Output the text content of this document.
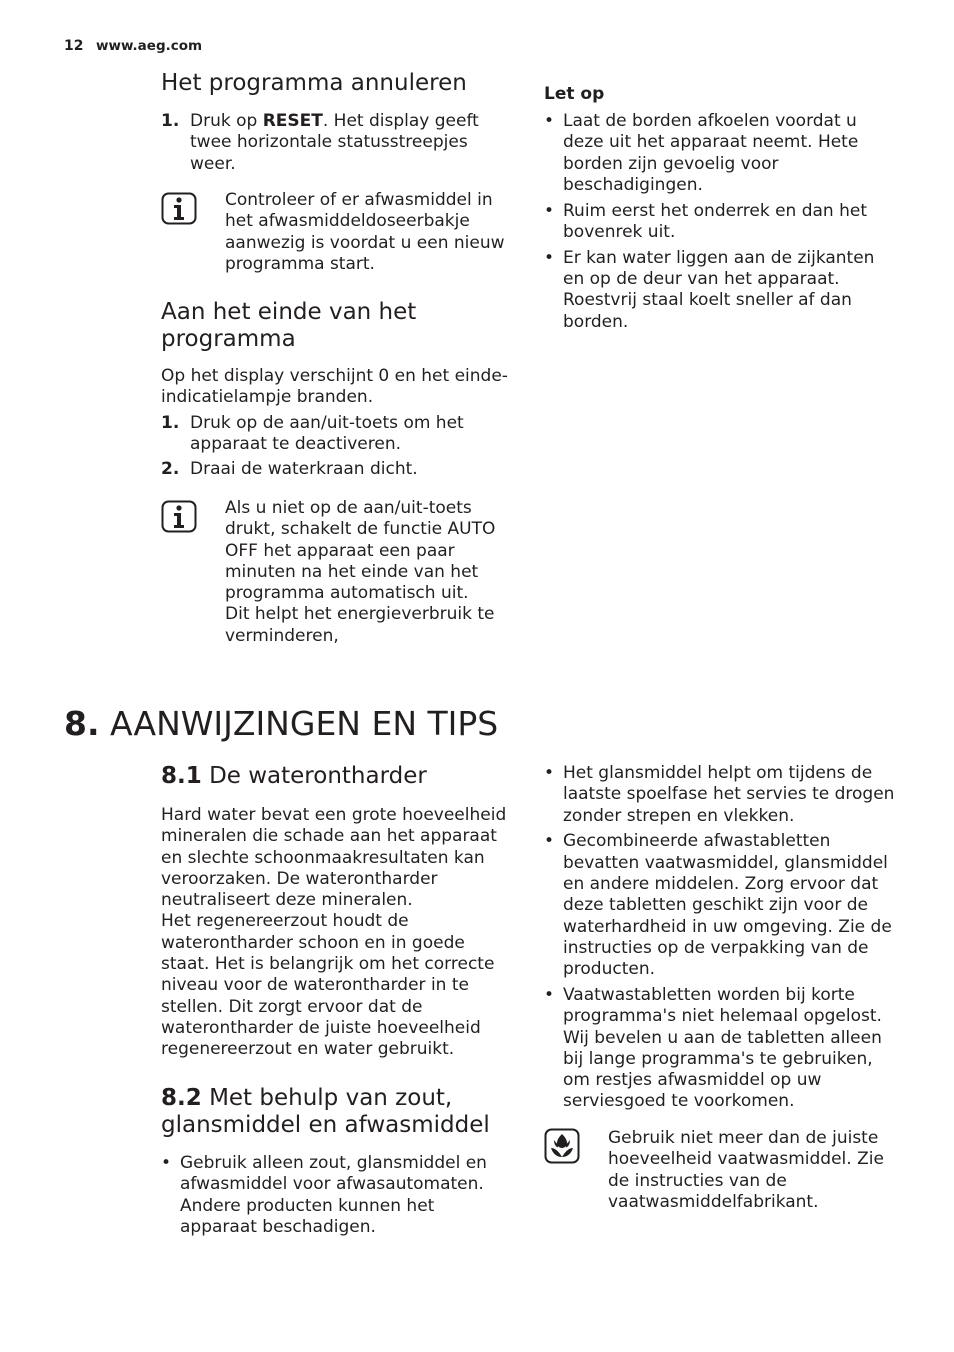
12 www.aeg.com
Het programma annuleren
1. Druk op RESET. Het display geeft twee horizontale statusstreepjes weer.
Controleer of er afwasmiddel in het afwasmiddeldoseerbakje aanwezig is voordat u een nieuw programma start.
Aan het einde van het programma

Op het display verschijnt 0 en het einde-indicatielampje branden.

1. Druk op de aan/uit-toets om het apparaat te deactiveren.
2. Draai de waterkraan dicht.
Als u niet op de aan/uit-toets drukt, schakelt de functie AUTO OFF het apparaat een paar minuten na het einde van het programma automatisch uit.
Dit helpt het energieverbruik te verminderen,
Let op
• Laat de borden afkoelen voordat u deze uit het apparaat neemt. Hete borden zijn gevoelig voor beschadigingen.
• Ruim eerst het onderrek en dan het bovenrek uit.
• Er kan water liggen aan de zijkanten en op de deur van het apparaat. Roestvrij staal koelt sneller af dan borden.
8. AANWIJZINGEN EN TIPS
8.1 De waterontharder

Hard water bevat een grote hoeveelheid mineralen die schade aan het apparaat en slechte schoonmaakresultaten kan veroorzaken. De waterontharder neutraliseert deze mineralen.

Het regenereerzout houdt de waterontharder schoon en in goede staat. Het is belangrijk om het correcte niveau voor de waterontharder in te stellen. Dit zorgt ervoor dat de waterontharder de juiste hoeveelheid regenereerzout en water gebruikt.

8.2 Met behulp van zout, glansmiddel en afwasmiddel
• Gebruik alleen zout, glansmiddel en afwasmiddel voor afwasautomaten. Andere producten kunnen het apparaat beschadigen.
• Het glansmiddel helpt om tijdens de laatste spoelfase het servies te drogen zonder strepen en vlekken.
• Gecombineerde afwastabletten bevatten vaatwasmiddel, glansmiddel en andere middelen. Zorg ervoor dat deze tabletten geschikt zijn voor de waterhardheid in uw omgeving. Zie de instructies op de verpakking van de producten.
• Vaatwastabletten worden bij korte programma's niet helemaal opgelost. Wij bevelen u aan de tabletten alleen bij lange programma's te gebruiken, om restjes afwasmiddel op uw serviesgoed te voorkomen.
Gebruik niet meer dan de juiste hoeveelheid vaatwasmiddel. Zie de instructies van de vaatwasmiddelfabrikant.
